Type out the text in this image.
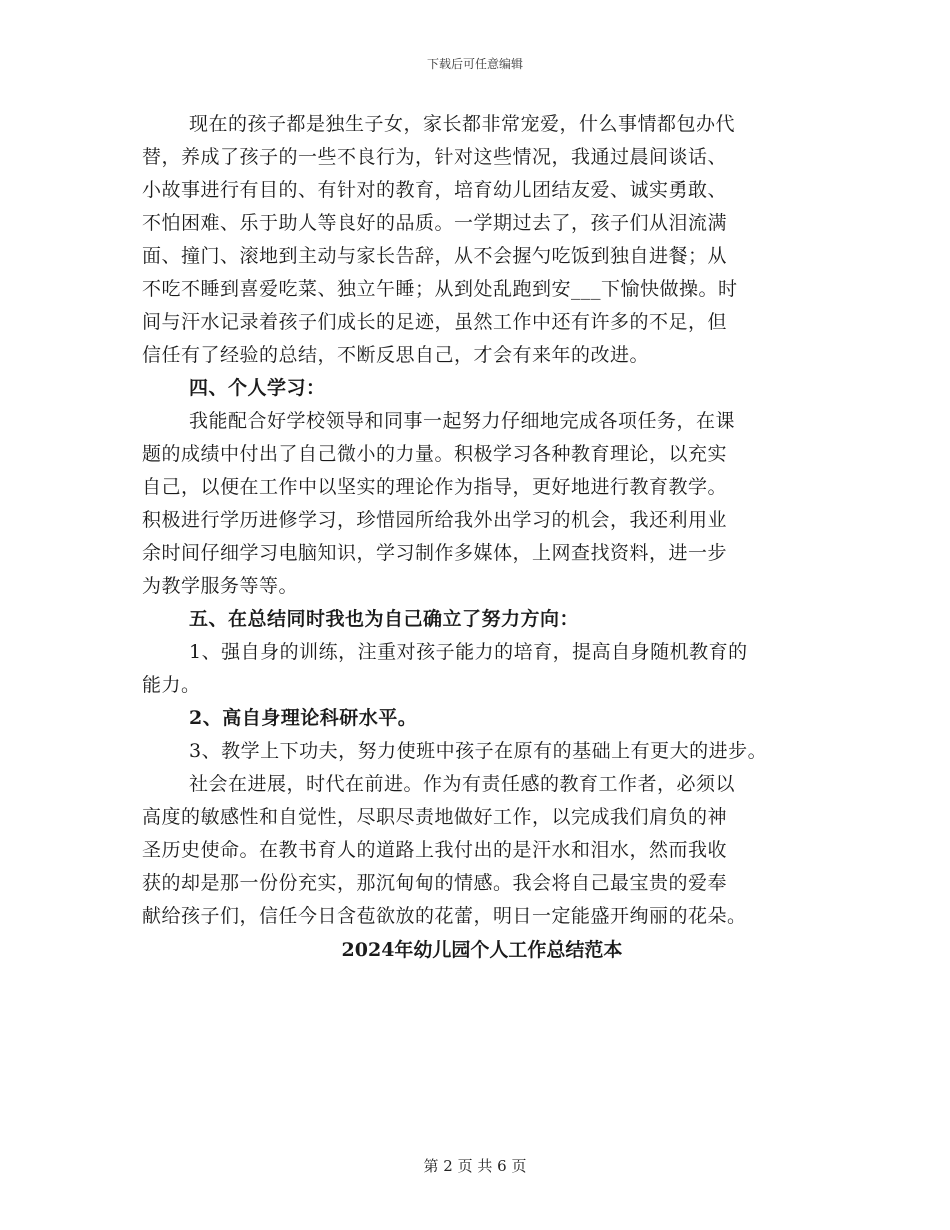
下载后可任意编辑
现在的孩子都是独生子女，家长都非常宠爱，什么事情都包办代
替，养成了孩子的一些不良行为，针对这些情况，我通过晨间谈话、
小故事进行有目的、有针对的教育，培育幼儿团结友爱、诚实勇敢、
不怕困难、乐于助人等良好的品质。一学期过去了，孩子们从泪流满
面、撞门、滚地到主动与家长告辞，从不会握勺吃饭到独自进餐；从
不吃不睡到喜爱吃菜、独立午睡；从到处乱跑到安___下愉快做操。时
间与汗水记录着孩子们成长的足迹，虽然工作中还有许多的不足，但
信任有了经验的总结，不断反思自己，才会有来年的改进。
四、个人学习：
我能配合好学校领导和同事一起努力仔细地完成各项任务，在课
题的成绩中付出了自己微小的力量。积极学习各种教育理论，以充实
自己，以便在工作中以坚实的理论作为指导，更好地进行教育教学。
积极进行学历进修学习，珍惜园所给我外出学习的机会，我还利用业
余时间仔细学习电脑知识，学习制作多媒体，上网查找资料，进一步
为教学服务等等。
五、在总结同时我也为自己确立了努力方向：
1、强自身的训练，注重对孩子能力的培育，提高自身随机教育的
能力。
2、高自身理论科研水平。
3、教学上下功夫，努力使班中孩子在原有的基础上有更大的进步。
社会在进展，时代在前进。作为有责任感的教育工作者，必须以
高度的敏感性和自觉性，尽职尽责地做好工作，以完成我们肩负的神
圣历史使命。在教书育人的道路上我付出的是汗水和泪水，然而我收
获的却是那一份份充实，那沉甸甸的情感。我会将自己最宝贵的爱奉
献给孩子们，信任今日含苞欲放的花蕾，明日一定能盛开绚丽的花朵。
2024年幼儿园个人工作总结范本
第 2 页 共 6 页
